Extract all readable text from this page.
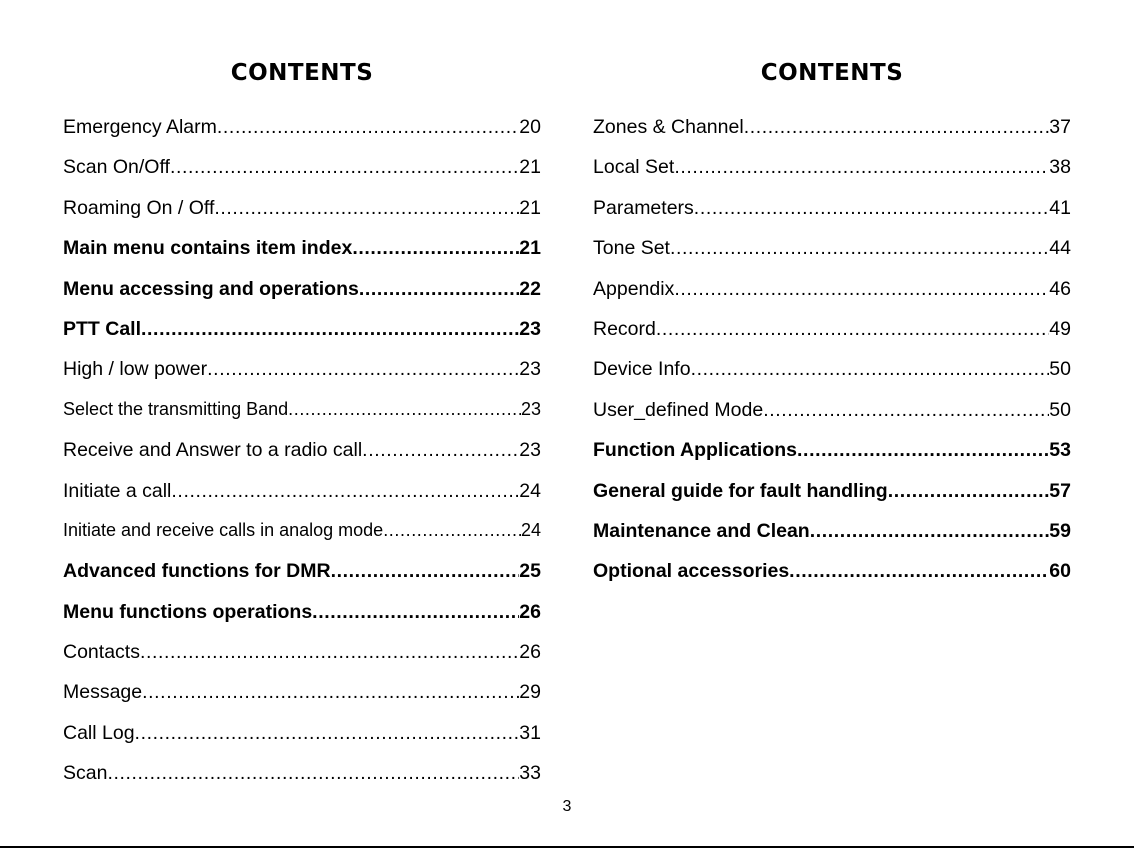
CONTENTS
Emergency Alarm .....	20
Scan On/Off .....	21
Roaming On / Off .....	21
Main menu contains item index .....	21
Menu accessing and operations .....	22
PTT Call .....	23
High / low power .....	23
Select the transmitting Band .....	23
Receive and Answer to a radio call .....	23
Initiate a call .....	24
Initiate and receive calls in analog mode .....	24
Advanced functions for DMR .....	25
Menu functions operations .....	26
Contacts .....	26
Message .....	29
Call Log .....	31
Scan .....	33
CONTENTS
Zones & Channel .....	37
Local Set .....	38
Parameters .....	41
Tone Set .....	44
Appendix .....	46
Record .....	49
Device Info .....	50
User_defined Mode .....	50
Function Applications .....	53
General guide for fault handling .....	57
Maintenance and Clean .....	59
Optional accessories .....	60
3
